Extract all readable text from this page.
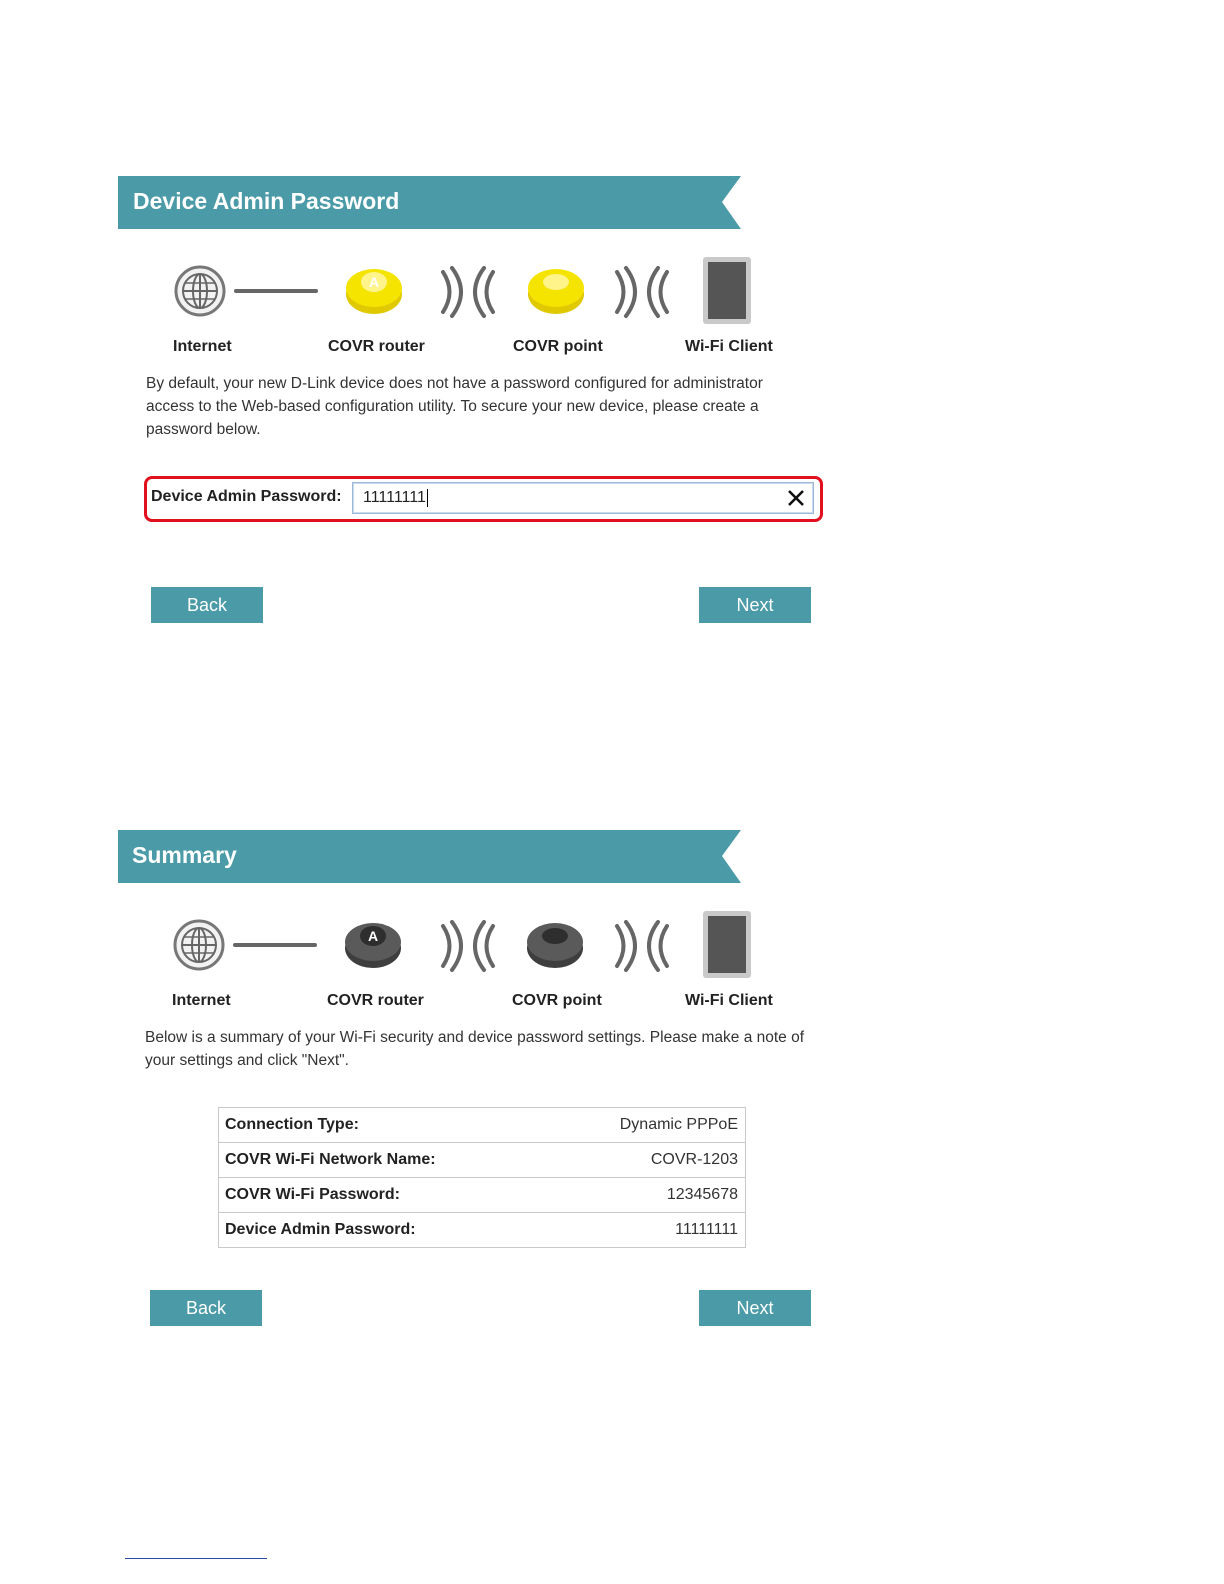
Device Admin Password
A
Internet	COVR router	COVR point	Wi-Fi Client

By default, your new D-Link device does not have a password configured for administrator access to the Web-based configuration utility. To secure your new device, please create a password below.

Device Admin Password: 11111111
Back	Next
Summary
A
Internet	COVR router	COVR point	Wi-Fi Client

Below is a summary of your Wi-Fi security and device password settings. Please make a note of your settings and click "Next".

Connection Type:	Dynamic PPPoE
COVR Wi-Fi Network Name:	COVR-1203
COVR Wi-Fi Password:	12345678
Device Admin Password:	11111111
Back	Next
